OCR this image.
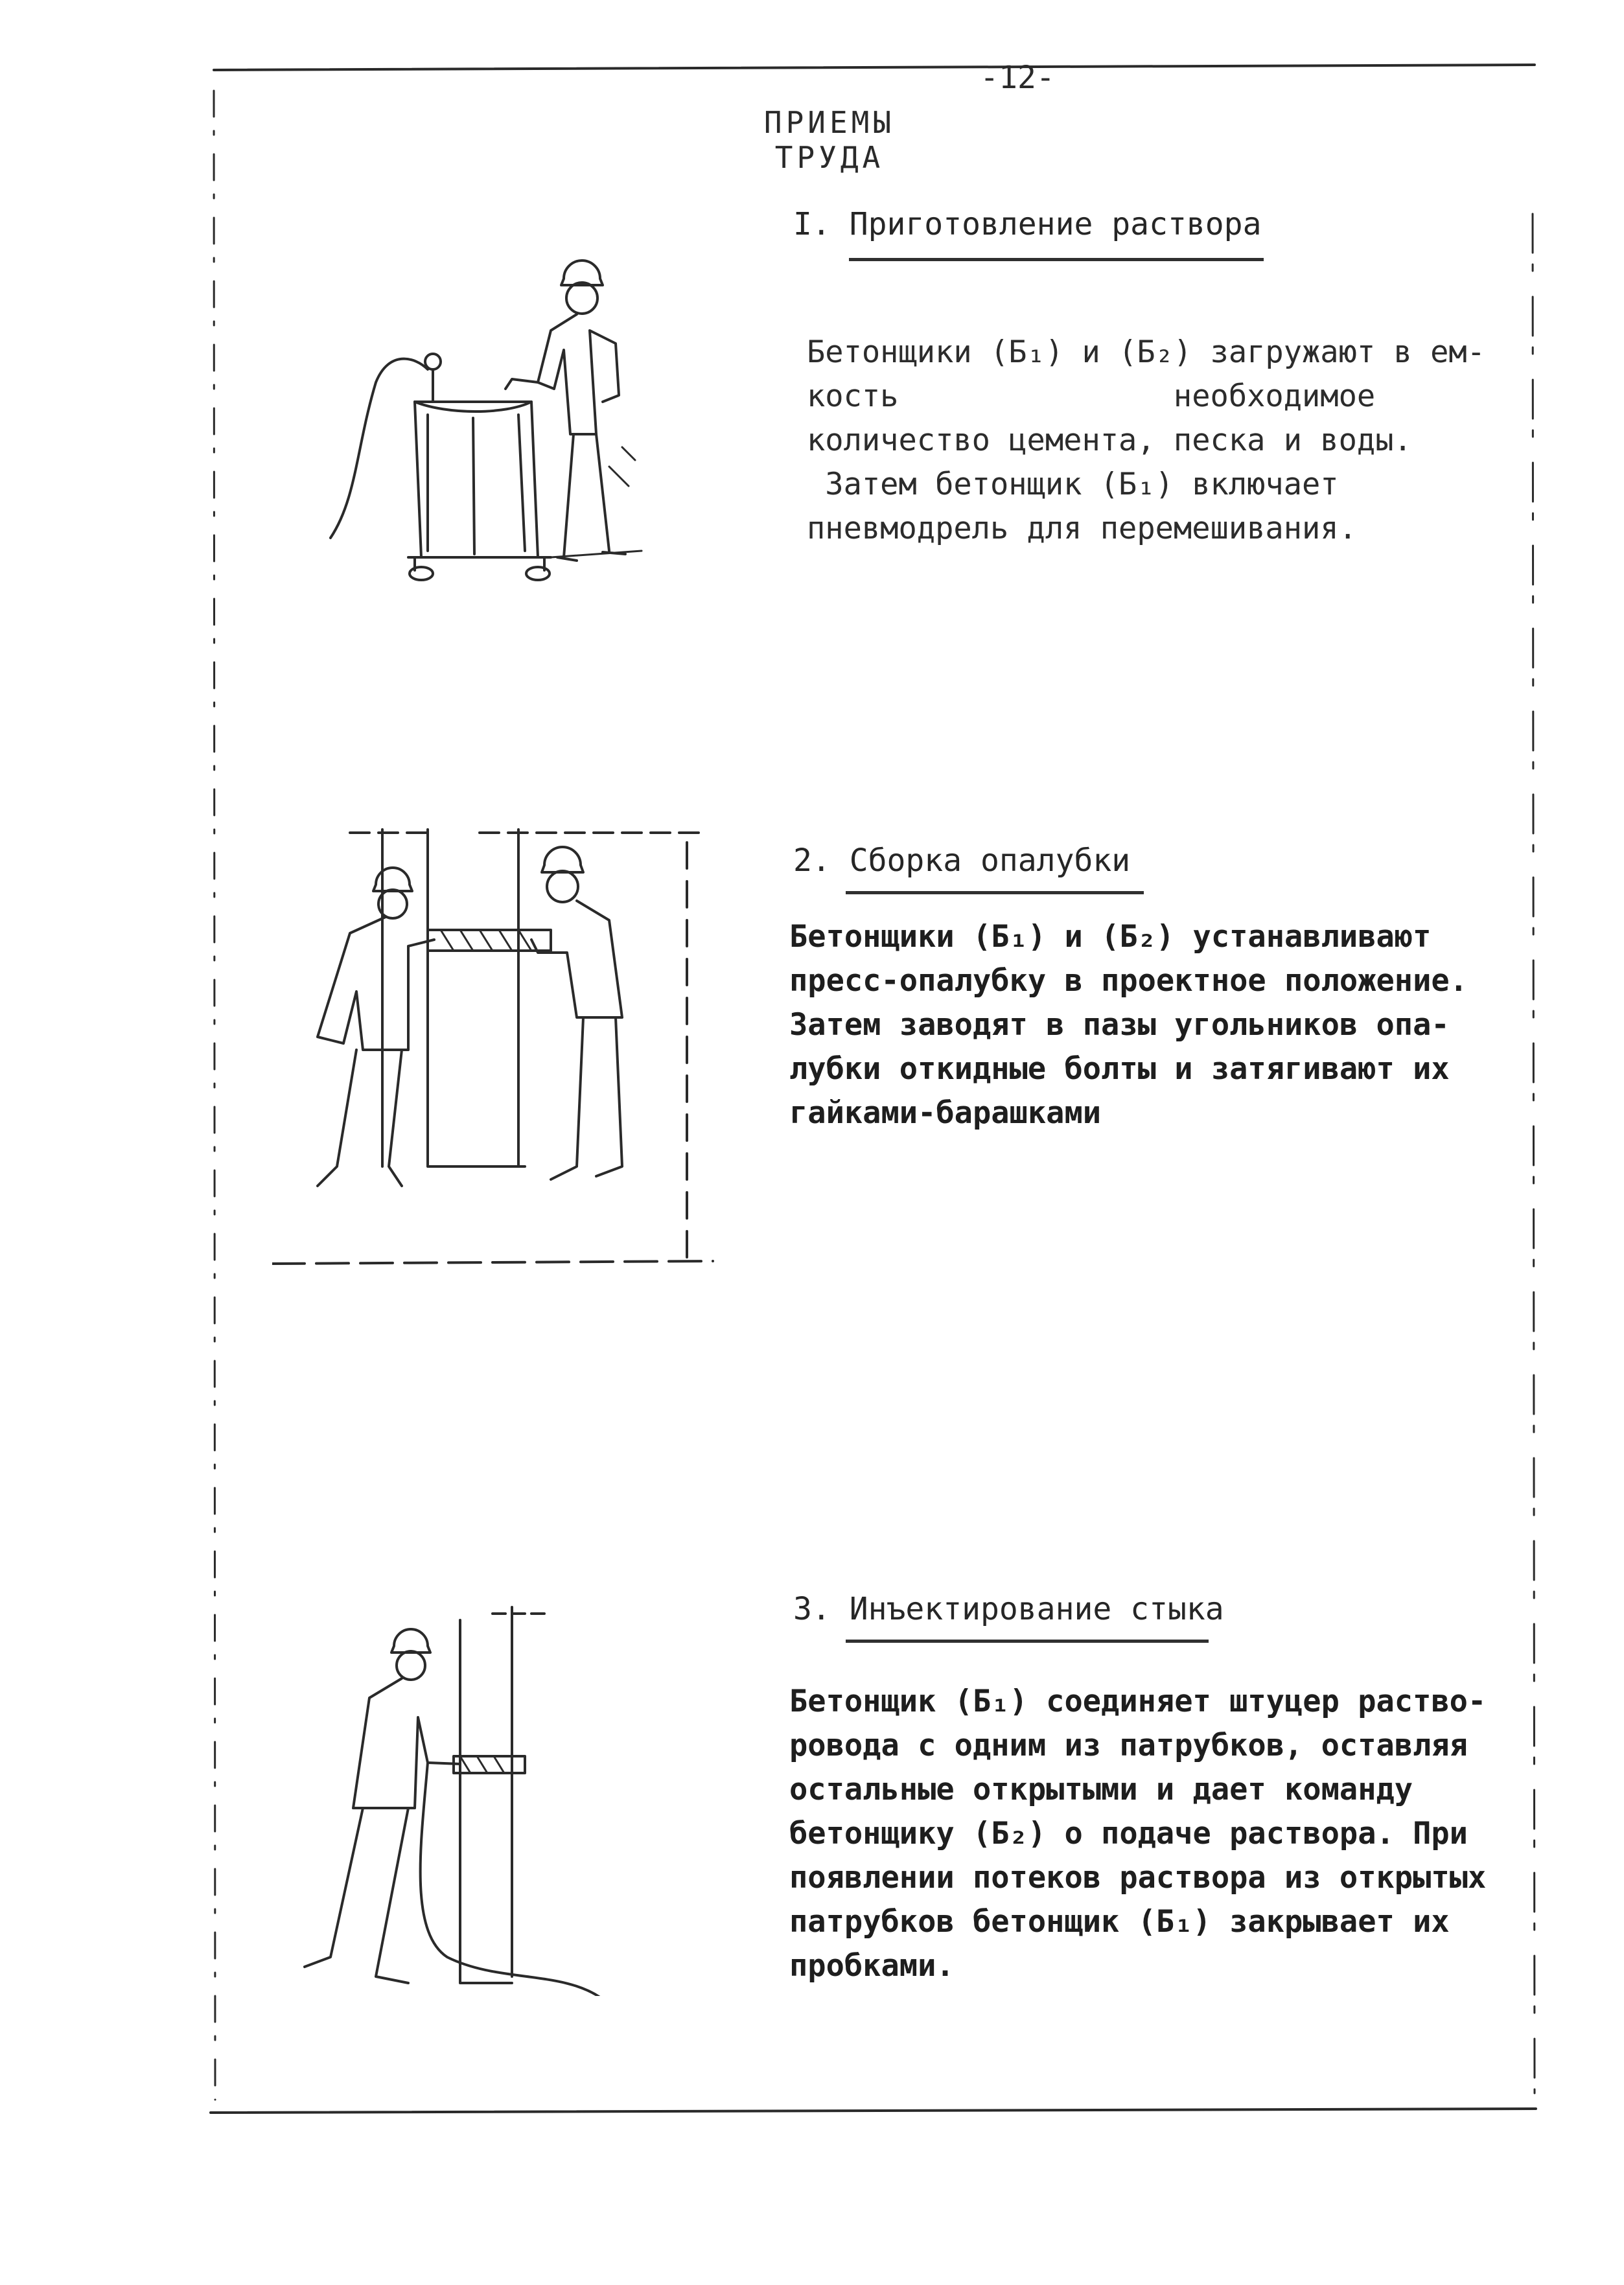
-12-
ПРИЕМЫ ТРУДА
I. Приготовление раствора
Бетонщики (Б₁) и (Б₂) загружают в ем-
кость               необходимое
количество цемента, песка и воды.
Затем бетонщик (Б₁) включает
пневмодрель для перемешивания.
2. Сборка опалубки
Бетонщики (Б₁) и (Б₂) устанавливают
пресс-опалубку в проектное положение.
Затем заводят в пазы угольников опа-
лубки откидные болты и затягивают их
гайками-барашками
3. Инъектирование стыка
Бетонщик (Б₁) соединяет штуцер раство-
ровода с одним из патрубков, оставляя
остальные открытыми и дает команду
бетонщику (Б₂) о подаче раствора. При
появлении потеков раствора из открытых
патрубков бетонщик (Б₁) закрывает их
пробками.
